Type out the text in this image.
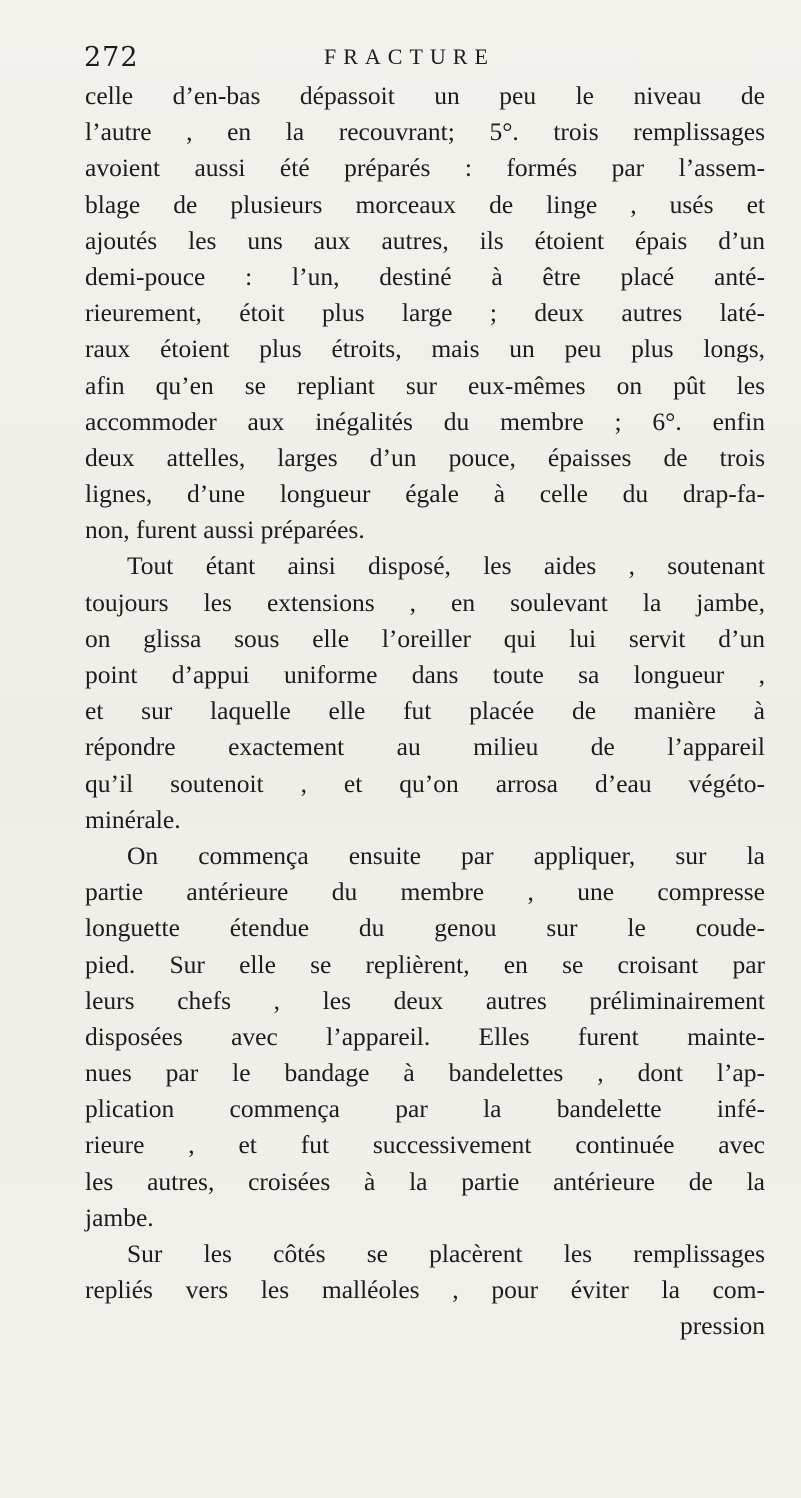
272	FRACTURE
celle d’en-bas dépassoit un peu le niveau de
l’autre , en la recouvrant; 5°. trois remplissages
avoient aussi été préparés : formés par l’assem-
blage de plusieurs morceaux de linge , usés et
ajoutés les uns aux autres, ils étoient épais d’un
demi-pouce : l’un, destiné à être placé anté-
rieurement, étoit plus large ; deux autres laté-
raux étoient plus étroits, mais un peu plus longs,
afin qu’en se repliant sur eux-mêmes on pût les
accommoder aux inégalités du membre ; 6°. enfin
deux attelles, larges d’un pouce, épaisses de trois
lignes, d’une longueur égale à celle du drap-fa-
non, furent aussi préparées.
Tout étant ainsi disposé, les aides , soutenant
toujours les extensions , en soulevant la jambe,
on glissa sous elle l’oreiller qui lui servit d’un
point d’appui uniforme dans toute sa longueur ,
et sur laquelle elle fut placée de manière à
répondre exactement au milieu de l’appareil
qu’il soutenoit , et qu’on arrosa d’eau végéto-
minérale.
On commença ensuite par appliquer, sur la
partie antérieure du membre , une compresse
longuette étendue du genou sur le coude-
pied. Sur elle se replièrent, en se croisant par
leurs chefs , les deux autres préliminairement
disposées avec l’appareil. Elles furent mainte-
nues par le bandage à bandelettes , dont l’ap-
plication commença par la bandelette infé-
rieure , et fut successivement continuée avec
les autres, croisées à la partie antérieure de la
jambe.
Sur les côtés se placèrent les remplissages
repliés vers les malléoles , pour éviter la com-
pression
